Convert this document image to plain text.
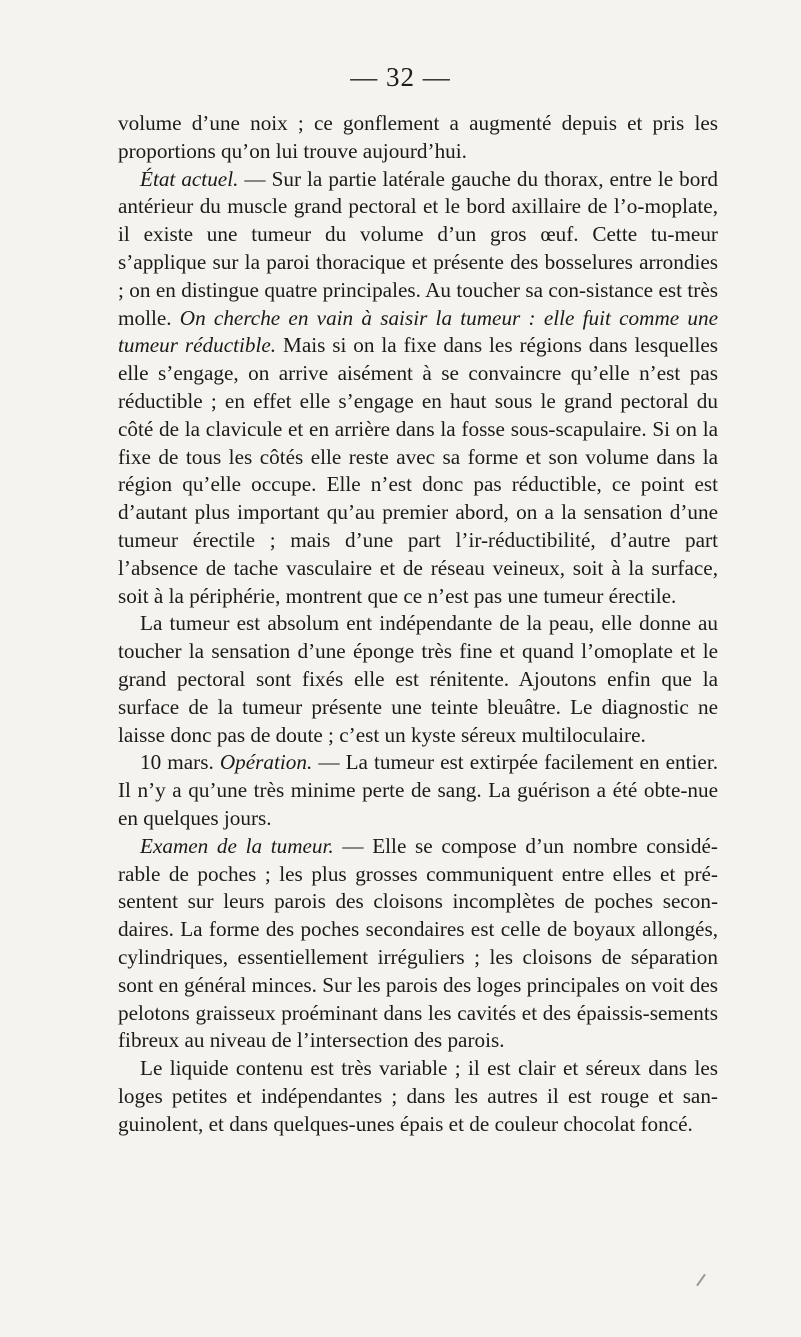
— 32 —

volume d’une noix ; ce gonflement a augmenté depuis et pris les proportions qu’on lui trouve aujourd’hui.

État actuel. — Sur la partie latérale gauche du thorax, entre le bord antérieur du muscle grand pectoral et le bord axillaire de l’o-moplate, il existe une tumeur du volume d’un gros œuf. Cette tu-meur s’applique sur la paroi thoracique et présente des bosselures arrondies ; on en distingue quatre principales. Au toucher sa con-sistance est très molle. On cherche en vain à saisir la tumeur : elle fuit comme une tumeur réductible. Mais si on la fixe dans les régions dans lesquelles elle s’engage, on arrive aisément à se convaincre qu’elle n’est pas réductible ; en effet elle s’engage en haut sous le grand pectoral du côté de la clavicule et en arrière dans la fosse sous-scapulaire. Si on la fixe de tous les côtés elle reste avec sa forme et son volume dans la région qu’elle occupe. Elle n’est donc pas réductible, ce point est d’autant plus important qu’au premier abord, on a la sensation d’une tumeur érectile ; mais d’une part l’ir-réductibilité, d’autre part l’absence de tache vasculaire et de réseau veineux, soit à la surface, soit à la périphérie, montrent que ce n’est pas une tumeur érectile.

La tumeur est absolum ent indépendante de la peau, elle donne au toucher la sensation d’une éponge très fine et quand l’omoplate et le grand pectoral sont fixés elle est rénitente. Ajoutons enfin que la surface de la tumeur présente une teinte bleuâtre. Le diagnostic ne laisse donc pas de doute ; c’est un kyste séreux multiloculaire.

10 mars. Opération. — La tumeur est extirpée facilement en entier. Il n’y a qu’une très minime perte de sang. La guérison a été obte-nue en quelques jours.

Examen de la tumeur. — Elle se compose d’un nombre considé-rable de poches ; les plus grosses communiquent entre elles et pré-sentent sur leurs parois des cloisons incomplètes de poches secon-daires. La forme des poches secondaires est celle de boyaux allongés, cylindriques, essentiellement irréguliers ; les cloisons de séparation sont en général minces. Sur les parois des loges principales on voit des pelotons graisseux proéminant dans les cavités et des épaissis-sements fibreux au niveau de l’intersection des parois.

Le liquide contenu est très variable ; il est clair et séreux dans les loges petites et indépendantes ; dans les autres il est rouge et san-guinolent, et dans quelques-unes épais et de couleur chocolat foncé.
